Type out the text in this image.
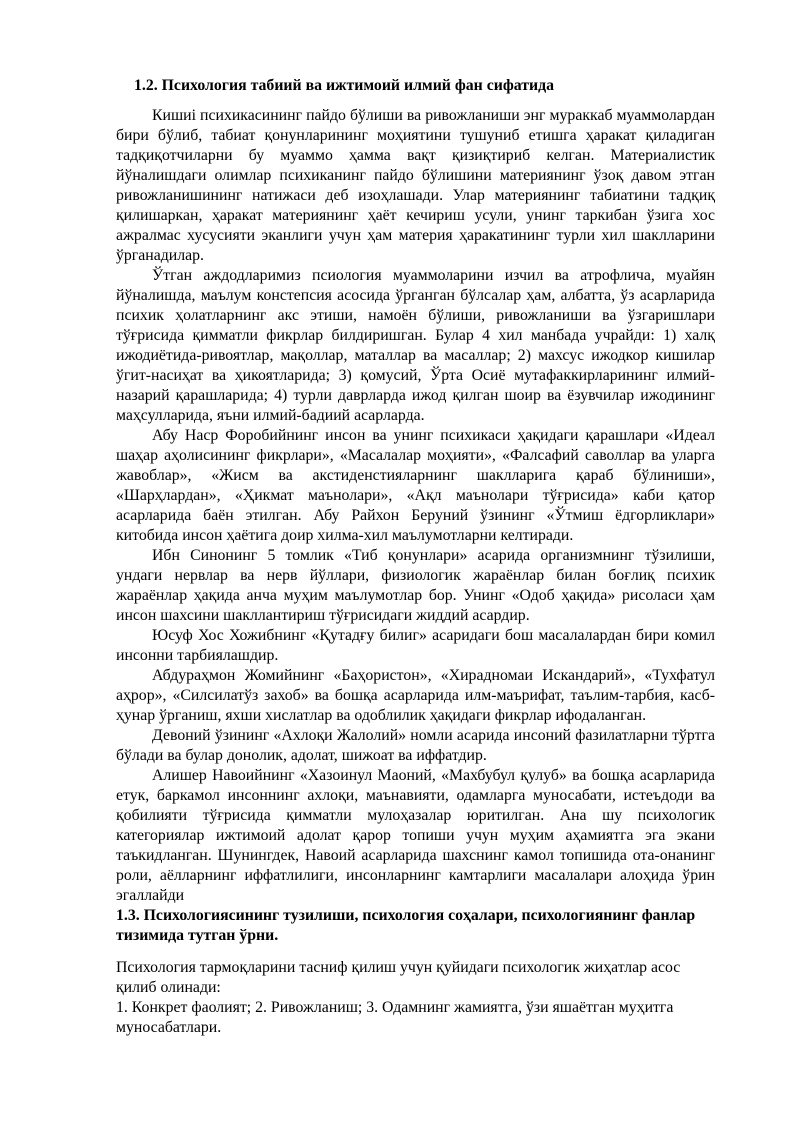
1.2. Психология табиий ва ижтимоий илмий фан сифатида

Кишиі психикасининг пайдо бўлиши ва ривожланиши энг мураккаб муаммолардан бири бўлиб, табиат қонунларининг моҳиятини тушуниб етишга ҳаракат қиладиган тадқиқотчиларни бу муаммо ҳамма вақт қизиқтириб келган. Материалистик йўналишдаги олимлар психиканинг пайдо бўлишини материянинг ўзоқ давом этган ривожланишининг натижаси деб изоҳлашади. Улар материянинг табиатини тадқиқ қилишаркан, ҳаракат материянинг ҳаёт кечириш усули, унинг таркибан ўзига хос ажралмас хусусияти эканлиги учун ҳам материя ҳаракатининг турли хил шаклларини ўрганадилар.

Ўтган аждодларимиз псиология муаммоларини изчил ва атрофлича, муайян йўналишда, маълум констепсия асосида ўрганган бўлсалар ҳам, албатта, ўз асарларида психик ҳолатларнинг акс этиши, намоён бўлиши, ривожланиши ва ўзгаришлари тўғрисида қимматли фикрлар билдиришган. Булар 4 хил манбада учрайди: 1) халқ ижодиётида-ривоятлар, мақоллар, маталлар ва масаллар; 2) махсус ижодкор кишилар ўгит-насиҳат ва ҳикоятларида; 3) қомусий, Ўрта Осиё мутафаккирларининг илмий-назарий қарашларида; 4) турли даврларда ижод қилган шоир ва ёзувчилар ижодининг маҳсулларида, яъни илмий-бадиий асарларда.

Абу Наср Форобийнинг инсон ва унинг психикаси ҳақидаги қарашлари «Идеал шаҳар аҳолисининг фикрлари», «Масалалар моҳияти», «Фалсафий саволлар ва уларга жавоблар», «Жисм ва акстиденстияларнинг шаклларига қараб бўлиниши», «Шарҳлардан», «Ҳикмат маънолари», «Ақл маънолари тўғрисида» каби қатор асарларида баён этилган. Абу Райхон Беруний ўзининг «Ўтмиш ёдгорликлари» китобида инсон ҳаётига доир хилма-хил маълумотларни келтиради.

Ибн Синонинг 5 томлик «Тиб қонунлари» асарида организмнинг тўзилиши, ундаги нервлар ва нерв йўллари, физиологик жараёнлар билан боғлиқ психик жараёнлар ҳақида анча муҳим маълумотлар бор. Унинг «Одоб ҳақида» рисоласи ҳам инсон шахсини шакллантириш тўғрисидаги жиддий асардир.

Юсуф Хос Хожибнинг «Қутадғу билиг» асаридаги бош масалалардан бири комил инсонни тарбиялашдир.

Абдураҳмон Жомийнинг «Баҳористон», «Хирадномаи Искандарий», «Тухфатул аҳрор», «Силсилатўз захоб» ва бошқа асарларида илм-маърифат, таълим-тарбия, касб-ҳунар ўрганиш, яхши хислатлар ва одоблилик ҳақидаги фикрлар ифодаланган.

Девоний ўзининг «Ахлоқи Жалолий» номли асарида инсоний фазилатларни тўртга бўлади ва булар донолик, адолат, шижоат ва иффатдир.

Алишер Навоийнинг «Хазоинул Маоний, «Махбубул қулуб» ва бошқа асарларида етук, баркамол инсоннинг ахлоқи, маънавияти, одамларга муносабати, истеъдоди ва қобилияти тўғрисида қимматли мулоҳазалар юритилган. Ана шу психологик категориялар ижтимоий адолат қарор топиши учун муҳим аҳамиятга эга экани таъкидланган. Шунингдек, Навоий асарларида шахснинг камол топишида ота-онанинг роли, аёлларнинг иффатлилиги, инсонларнинг камтарлиги масалалари алоҳида ўрин эгаллайди

1.3. Психологиясининг тузилиши, психология соҳалари, психологиянинг фанлар тизимида тутган ўрни.

Психология тармоқларини тасниф қилиш учун қуйидаги психологик жиҳатлар асос қилиб олинади:

1. Конкрет фаолият; 2. Ривожланиш; 3. Одамнинг жамиятга, ўзи яшаётган муҳитга муносабатлари.
